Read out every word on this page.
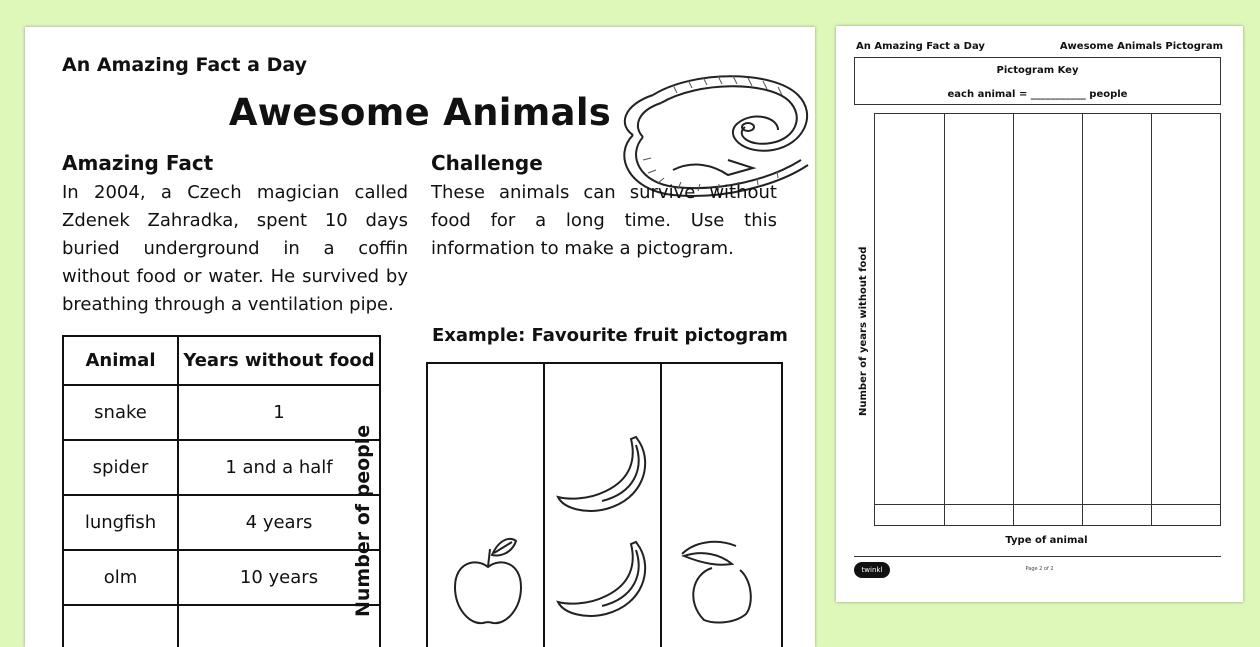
An Amazing Fact a Day
Awesome Animals
Amazing Fact
In 2004, a Czech magician called Zdenek Zahradka, spent 10 days buried underground in a coffin without food or water. He survived by breathing through a ventilation pipe.
Challenge
These animals can survive without food for a long time. Use this information to make a pictogram.
Animal	Years without food
snake	1
spider	1 and a half
lungfish	4 years
olm	10 years

Example: Favourite fruit pictogram
Number of people
An Amazing Fact a Day	Awesome Animals Pictogram
Pictogram Key
each animal = ___________ people
Number of years without food
Type of animal
twinkl	Page 2 of 2
